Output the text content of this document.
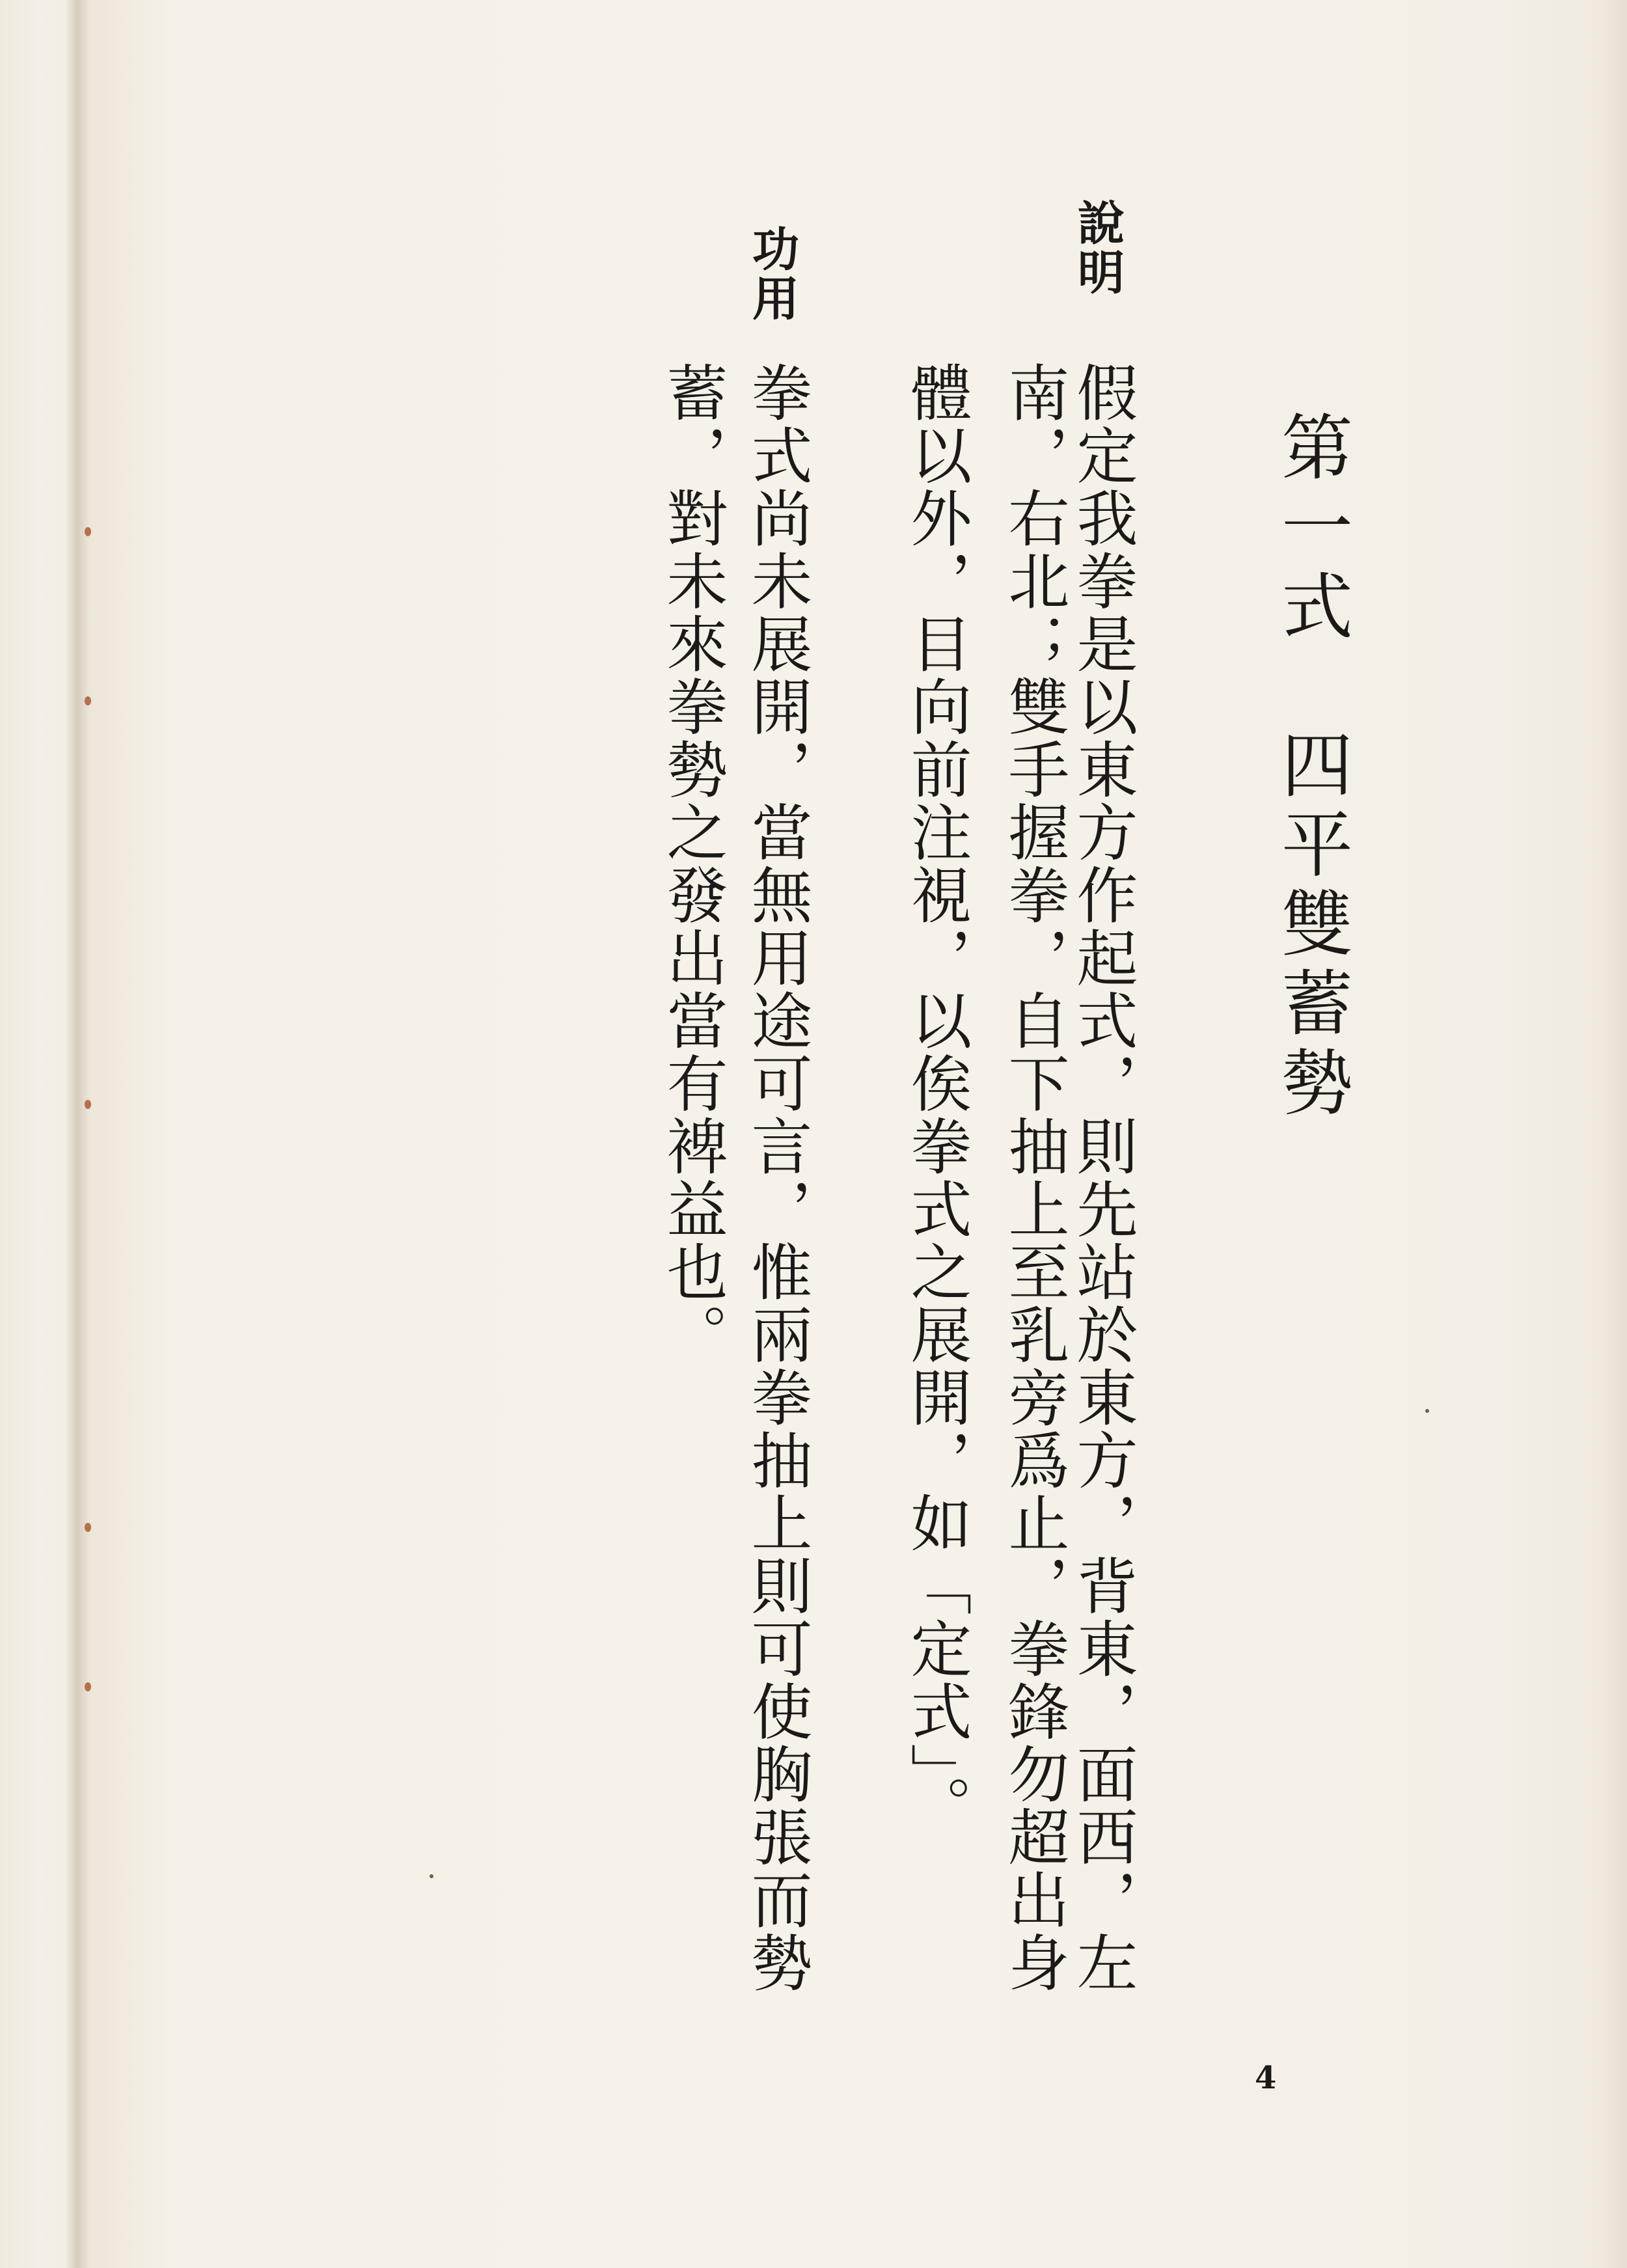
第一式　四平雙蓄勢
說明
假定我拳是以東方作起式，則先站於東方，背東，面西，左
南，右北；雙手握拳，自下抽上至乳旁爲止，拳鋒勿超出身
體以外，目向前注視，以俟拳式之展開，如「定式」。
功用
拳式尚未展開，當無用途可言，惟兩拳抽上則可使胸張而勢
蓄，對未來拳勢之發出當有裨益也。
4
